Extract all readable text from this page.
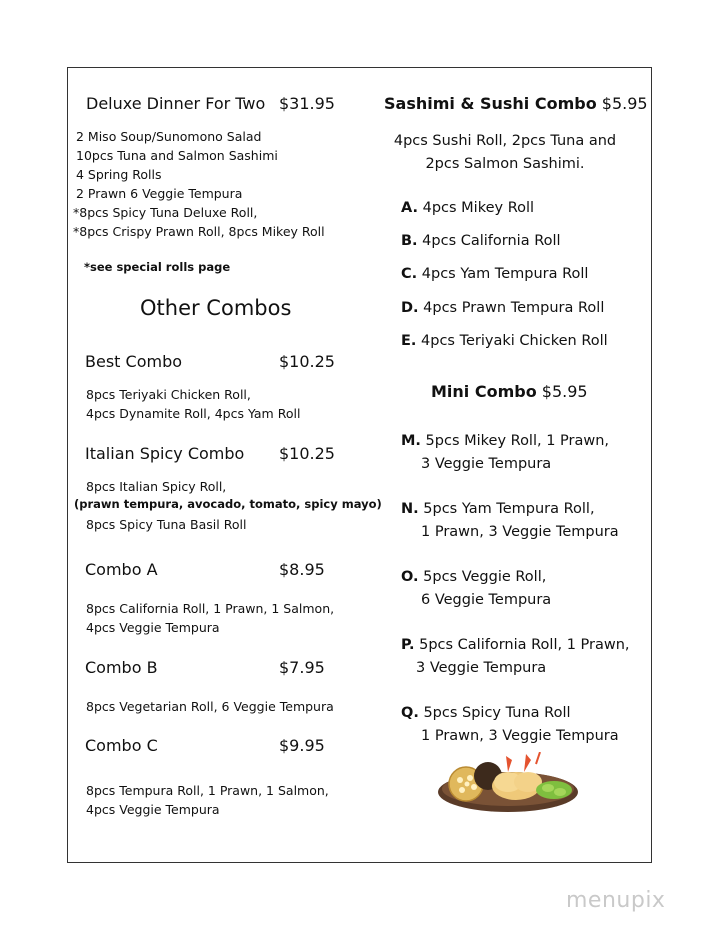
Deluxe Dinner For Two $31.95
2 Miso Soup/Sunomono Salad
10pcs Tuna and Salmon Sashimi
4 Spring Rolls
2 Prawn 6 Veggie Tempura
*8pcs Spicy Tuna Deluxe Roll,
*8pcs Crispy Prawn Roll, 8pcs Mikey Roll
*see special rolls page
Other Combos
Best Combo	$10.25
8pcs Teriyaki Chicken Roll,
4pcs Dynamite Roll, 4pcs Yam Roll
Italian Spicy Combo $10.25
8pcs Italian Spicy Roll,
(prawn tempura, avocado, tomato, spicy mayo)
8pcs Spicy Tuna Basil Roll
Combo A	$8.95
8pcs California Roll, 1 Prawn, 1 Salmon,
4pcs Veggie Tempura
Combo B	$7.95
8pcs Vegetarian Roll, 6 Veggie Tempura
Combo C	$9.95
8pcs Tempura Roll, 1 Prawn, 1 Salmon,
4pcs Veggie Tempura
Sashimi & Sushi Combo $5.95
4pcs Sushi Roll, 2pcs Tuna and
2pcs Salmon Sashimi.
A. 4pcs Mikey Roll
B. 4pcs California Roll
C. 4pcs Yam Tempura Roll
D. 4pcs Prawn Tempura Roll
E. 4pcs Teriyaki Chicken Roll
Mini Combo $5.95
M. 5pcs Mikey Roll, 1 Prawn,
3 Veggie Tempura
N. 5pcs Yam Tempura Roll,
1 Prawn, 3 Veggie Tempura
O. 5pcs Veggie Roll,
6 Veggie Tempura
P. 5pcs California Roll, 1 Prawn,
3 Veggie Tempura
Q. 5pcs Spicy Tuna Roll
1 Prawn, 3 Veggie Tempura
menupix
